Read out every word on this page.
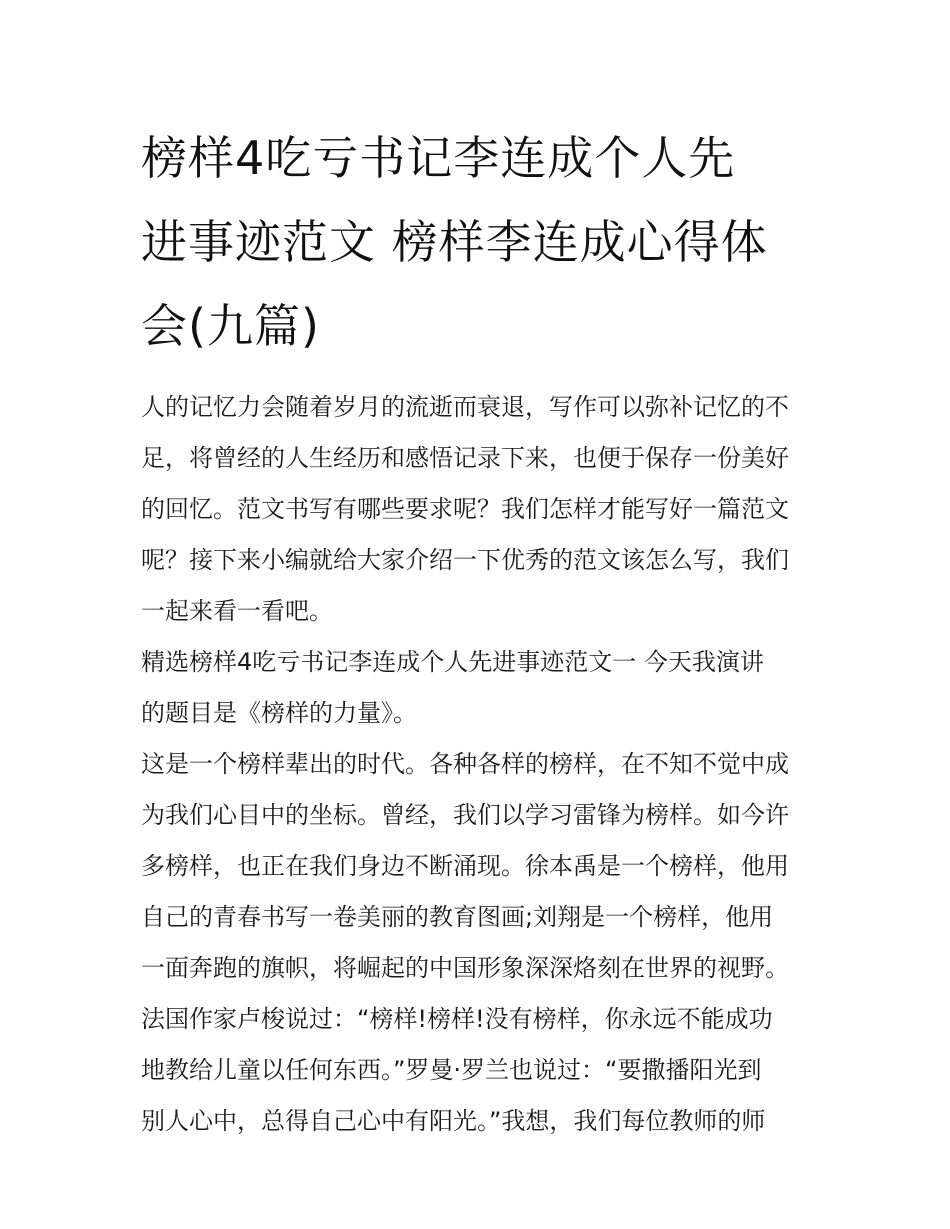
榜样4吃亏书记李连成个人先
进事迹范文 榜样李连成心得体
会(九篇)
人的记忆力会随着岁月的流逝而衰退，写作可以弥补记忆的不
足，将曾经的人生经历和感悟记录下来，也便于保存一份美好
的回忆。范文书写有哪些要求呢？我们怎样才能写好一篇范文
呢？接下来小编就给大家介绍一下优秀的范文该怎么写，我们
一起来看一看吧。
精选榜样4吃亏书记李连成个人先进事迹范文一 今天我演讲
的题目是《榜样的力量》。
这是一个榜样辈出的时代。各种各样的榜样，在不知不觉中成
为我们心目中的坐标。曾经，我们以学习雷锋为榜样。如今许
多榜样，也正在我们身边不断涌现。徐本禹是一个榜样，他用
自己的青春书写一卷美丽的教育图画;刘翔是一个榜样，他用
一面奔跑的旗帜，将崛起的中国形象深深烙刻在世界的视野。
法国作家卢梭说过：“榜样!榜样!没有榜样，你永远不能成功
地教给儿童以任何东西。”罗曼·罗兰也说过：“要撒播阳光到
别人心中，总得自己心中有阳光。”我想，我们每位教师的师
